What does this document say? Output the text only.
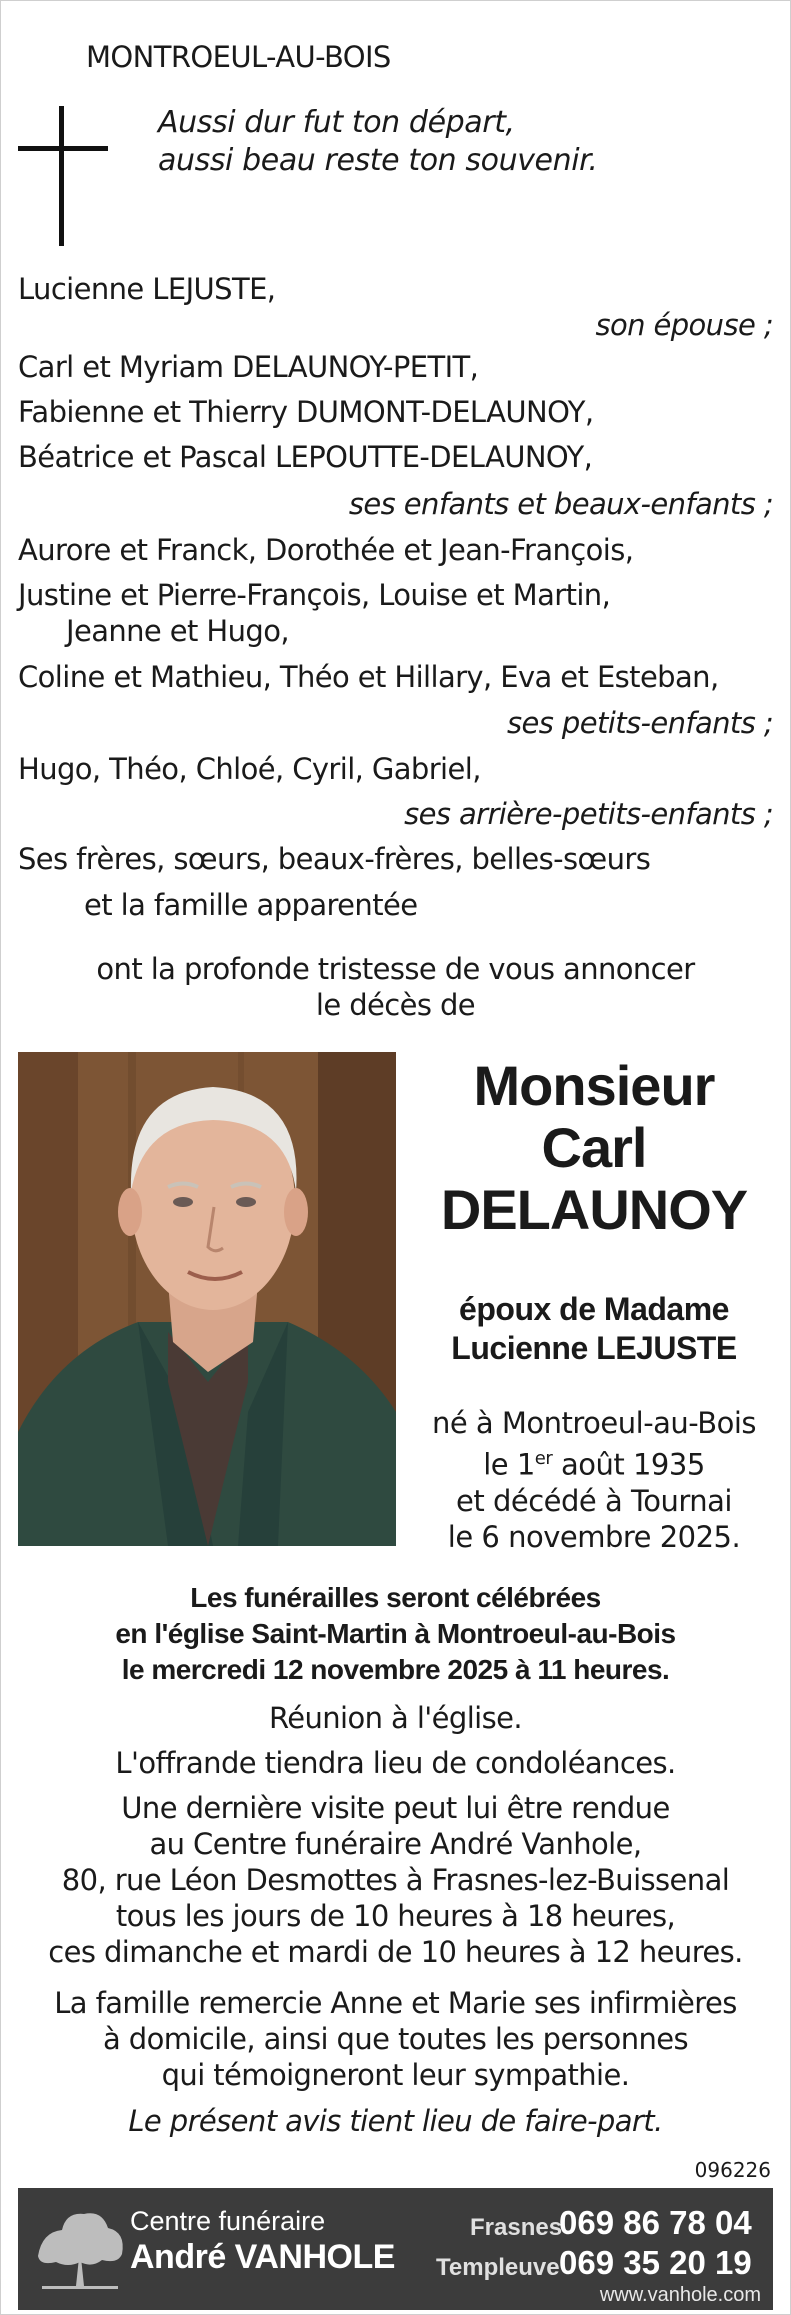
MONTROEUL-AU-BOIS
Aussi dur fut ton départ,
aussi beau reste ton souvenir.
Lucienne LEJUSTE,
son épouse ;
Carl et Myriam DELAUNOY-PETIT,
Fabienne et Thierry DUMONT-DELAUNOY,
Béatrice et Pascal LEPOUTTE-DELAUNOY,
ses enfants et beaux-enfants ;
Aurore et Franck, Dorothée et Jean-François,
Justine et Pierre-François, Louise et Martin,
Jeanne et Hugo,
Coline et Mathieu, Théo et Hillary, Eva et Esteban,
ses petits-enfants ;
Hugo, Théo, Chloé, Cyril, Gabriel,
ses arrière-petits-enfants ;
Ses frères, sœurs, beaux-frères, belles-sœurs
et la famille apparentée
ont la profonde tristesse de vous annoncer
le décès de
Monsieur
Carl
DELAUNOY
époux de Madame
Lucienne LEJUSTE
né à Montroeul-au-Bois
le 1er août 1935
et décédé à Tournai
le 6 novembre 2025.
Les funérailles seront célébrées
en l'église Saint-Martin à Montroeul-au-Bois
le mercredi 12 novembre 2025 à 11 heures.
Réunion à l'église.
L'offrande tiendra lieu de condoléances.
Une dernière visite peut lui être rendue
au Centre funéraire André Vanhole,
80, rue Léon Desmottes à Frasnes-lez-Buissenal
tous les jours de 10 heures à 18 heures,
ces dimanche et mardi de 10 heures à 12 heures.
La famille remercie Anne et Marie ses infirmières
à domicile, ainsi que toutes les personnes
qui témoigneront leur sympathie.
Le présent avis tient lieu de faire-part.
096226
Centre funéraire
André VANHOLE
Frasnes
069 86 78 04
Templeuve 069 35 20 19
www.vanhole.com
